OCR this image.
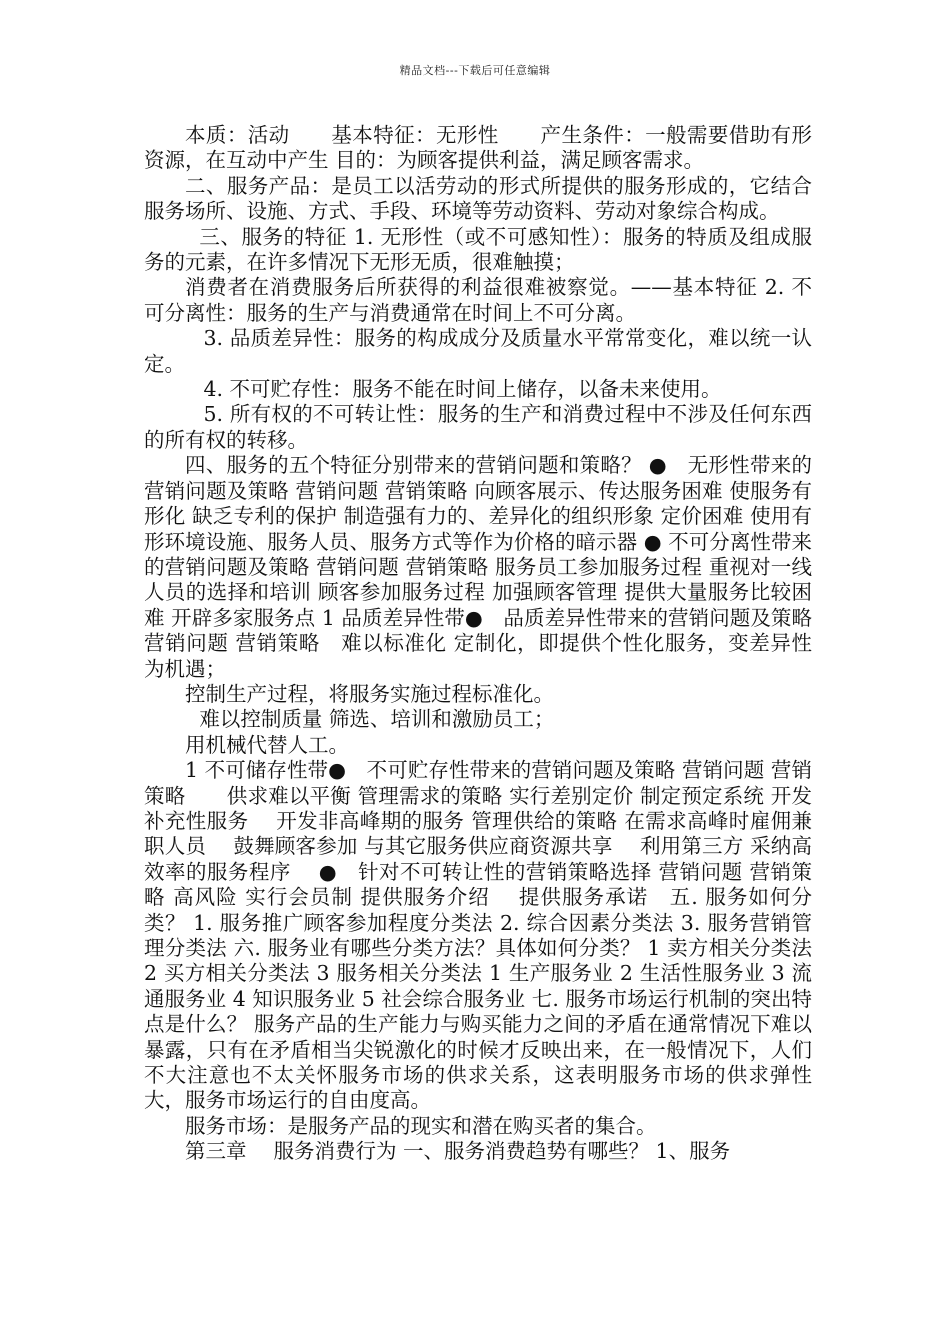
精品文档---下载后可任意编辑

本质：活动　　基本特征：无形性　　产生条件：一般需要借助有形资源，在互动中产生 目的：为顾客提供利益，满足顾客需求。

二、服务产品：是员工以活劳动的形式所提供的服务形成的，它结合服务场所、设施、方式、手段、环境等劳动资料、劳动对象综合构成。

三、服务的特征 1. 无形性（或不可感知性）：服务的特质及组成服务的元素，在许多情况下无形无质，很难触摸；

消费者在消费服务后所获得的利益很难被察觉。——基本特征 2. 不可分离性：服务的生产与消费通常在时间上不可分离。

3. 品质差异性：服务的构成成分及质量水平常常变化，难以统一认定。

4. 不可贮存性：服务不能在时间上储存，以备未来使用。

5. 所有权的不可转让性：服务的生产和消费过程中不涉及任何东西的所有权的转移。

四、服务的五个特征分别带来的营销问题和策略？ ●　无形性带来的营销问题及策略 营销问题 营销策略 向顾客展示、传达服务困难 使服务有形化 缺乏专利的保护 制造强有力的、差异化的组织形象 定价困难 使用有形环境设施、服务人员、服务方式等作为价格的暗示器 ● 不可分离性带来的营销问题及策略 营销问题 营销策略 服务员工参加服务过程 重视对一线人员的选择和培训 顾客参加服务过程 加强顾客管理 提供大量服务比较困难 开辟多家服务点 1 品质差异性带●　品质差异性带来的营销问题及策略 营销问题 营销策略　难以标准化 定制化，即提供个性化服务，变差异性为机遇；

控制生产过程，将服务实施过程标准化。

难以控制质量 筛选、培训和激励员工；

用机械代替人工。

1 不可储存性带●　不可贮存性带来的营销问题及策略 营销问题 营销策略　　供求难以平衡 管理需求的策略 实行差别定价 制定预定系统 开发补充性服务　 开发非高峰期的服务 管理供给的策略 在需求高峰时雇佣兼职人员　 鼓舞顾客参加 与其它服务供应商资源共享　 利用第三方 采纳高效率的服务程序　 ●　针对不可转让性的营销策略选择 营销问题 营销策略 高风险 实行会员制 提供服务介绍　 提供服务承诺　五. 服务如何分类？ 1. 服务推广顾客参加程度分类法 2. 综合因素分类法 3. 服务营销管理分类法 六. 服务业有哪些分类方法？具体如何分类？ 1 卖方相关分类法 2 买方相关分类法 3 服务相关分类法 1 生产服务业 2 生活性服务业 3 流通服务业 4 知识服务业 5 社会综合服务业 七. 服务市场运行机制的突出特点是什么？ 服务产品的生产能力与购买能力之间的矛盾在通常情况下难以暴露，只有在矛盾相当尖锐激化的时候才反映出来，在一般情况下，人们不大注意也不太关怀服务市场的供求关系，这表明服务市场的供求弹性大，服务市场运行的自由度高。

服务市场：是服务产品的现实和潜在购买者的集合。

第三章　 服务消费行为 一、服务消费趋势有哪些？ 1、服务
